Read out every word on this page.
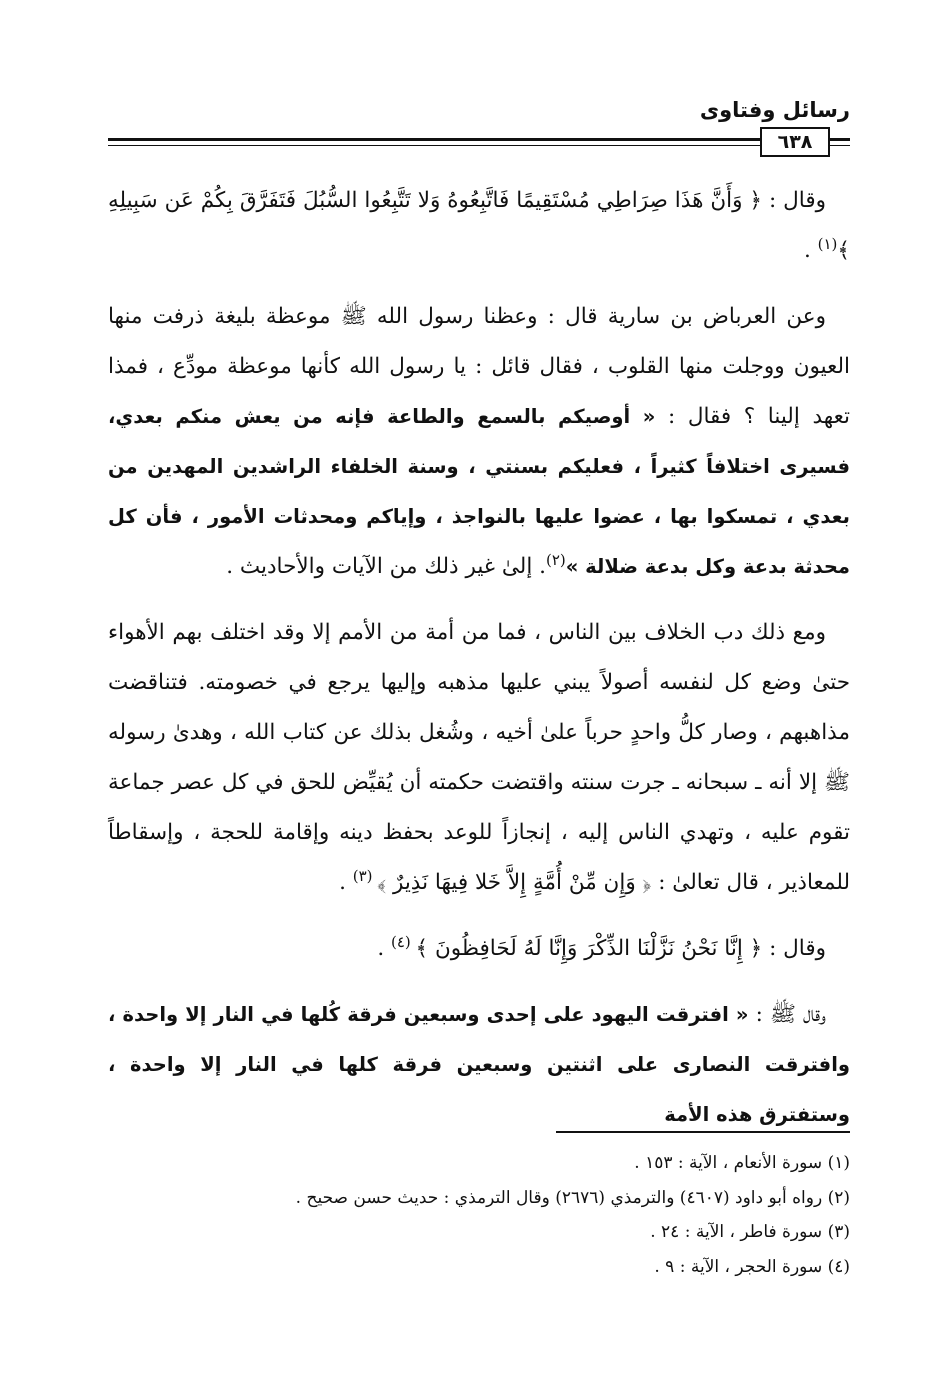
رسائل وفتاوى
٦٣٨

وقال : ﴿ وَأَنَّ هَذَا صِرَاطِي مُسْتَقِيمًا فَاتَّبِعُوهُ وَلا تَتَّبِعُوا السُّبُلَ فَتَفَرَّقَ بِكُمْ عَن سَبِيلِهِ ﴾$^{(١)}$ .

وعن العرباض بن سارية قال : وعظنا رسول الله ﷺ موعظة بليغة ذرفت منها العيون ووجلت منها القلوب ، فقال قائل : يا رسول الله كأنها موعظة مودِّع ، فمذا تعهد إلينا ؟ فقال : « أوصيكم بالسمع والطاعة فإنه من يعش منكم بعدي، فسيرى اختلافاً كثيراً ، فعليكم بسنتي ، وسنة الخلفاء الراشدين المهدين من بعدي ، تمسكوا بها ، عضوا عليها بالنواجذ ، وإياكم ومحدثات الأمور ، فأن كل محدثة بدعة وكل بدعة ضلالة »$^{(٢)}$. إلىٰ غير ذلك من الآيات والأحاديث .

ومع ذلك دب الخلاف بين الناس ، فما من أمة من الأمم إلا وقد اختلف بهم الأهواء حتىٰ وضع كل لنفسه أصولاً يبني عليها مذهبه وإليها يرجع في خصومته. فتناقضت مذاهبهم ، وصار كلُّ واحدٍ حرباً علىٰ أخيه ، وشُغل بذلك عن كتاب الله ، وهدىٰ رسوله ﷺ إلا أنه ـ سبحانه ـ جرت سنته واقتضت حكمته أن يُقيِّض للحق في كل عصر جماعة تقوم عليه ، وتهدي الناس إليه ، إنجازاً للوعد بحفظ دينه وإقامة للحجة ، وإسقاطاً للمعاذير ، قال تعالىٰ : ﴿ وَإِن مِّنْ أُمَّةٍ إِلاَّ خَلا فِيهَا نَذِيرٌ ﴾ $^{(٣)}$ .

وقال : ﴿ إِنَّا نَحْنُ نَزَّلْنَا الذِّكْرَ وَإِنَّا لَهُ لَحَافِظُونَ ﴾ $^{(٤)}$ .

وقال ﷺ : « افترقت اليهود على إحدى وسبعين فرقة كُلها في النار إلا واحدة ، وافترقت النصارى على اثنتين وسبعين فرقة كلها في النار إلا واحدة ، وستفترق هذه الأمة

(١) سورة الأنعام ، الآية : ١٥٣ .

(٢) رواه أبو داود (٤٦٠٧) والترمذي (٢٦٧٦) وقال الترمذي : حديث حسن صحيح .

(٣) سورة فاطر ، الآية : ٢٤ .

(٤) سورة الحجر ، الآية : ٩ .
